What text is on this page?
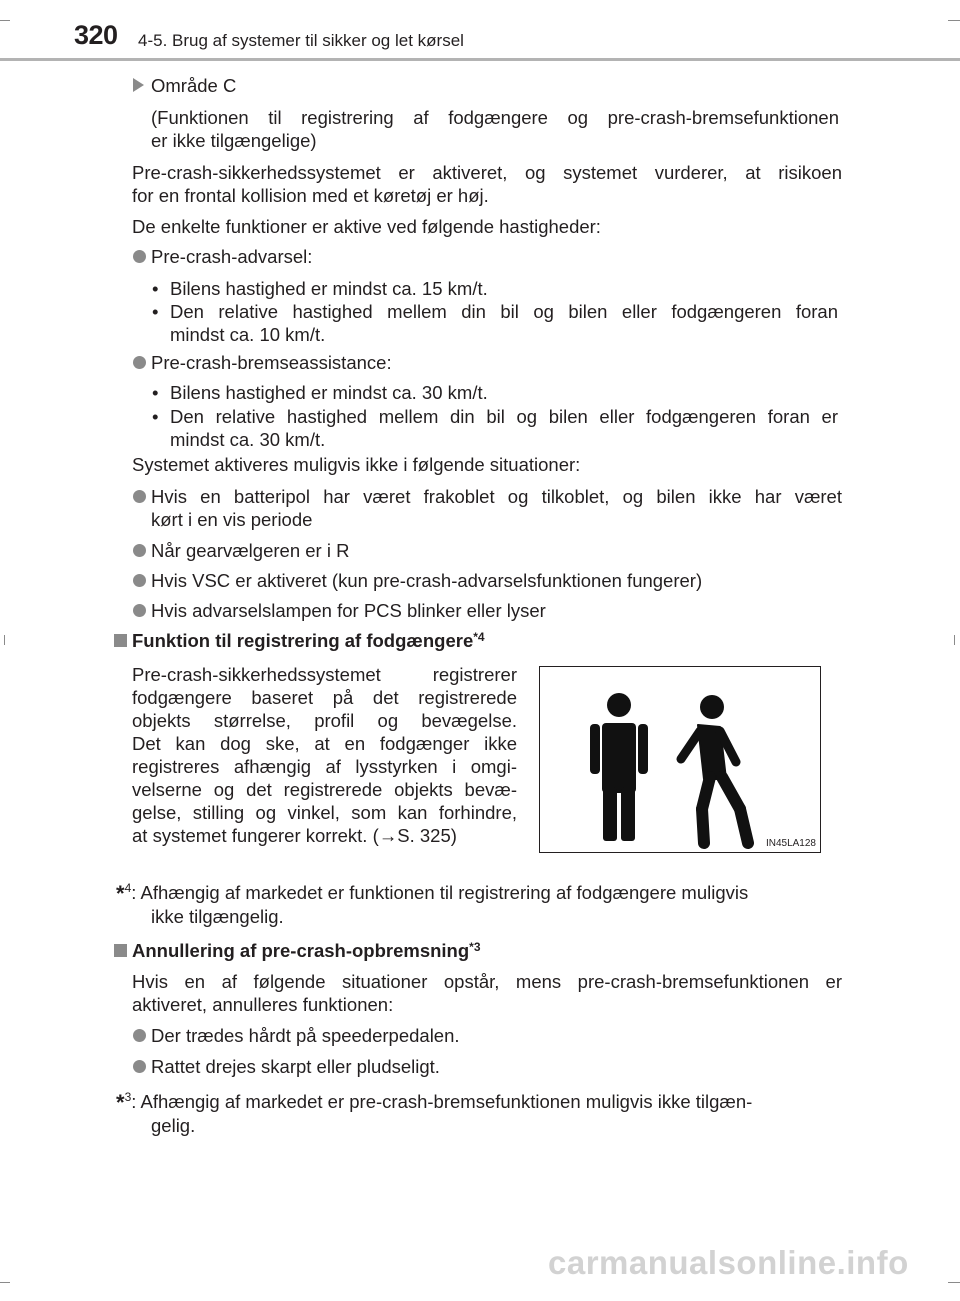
320 4-5. Brug af systemer til sikker og let kørsel
Område C
(Funktionen til registrering af fodgængere og pre-crash-bremsefunktionen
er ikke tilgængelige)
Pre-crash-sikkerhedssystemet er aktiveret, og systemet vurderer, at risikoen
for en frontal kollision med et køretøj er høj.
De enkelte funktioner er aktive ved følgende hastigheder:
Pre-crash-advarsel:
• Bilens hastighed er mindst ca. 15 km/t.
• Den relative hastighed mellem din bil og bilen eller fodgængeren foran
mindst ca. 10 km/t.
Pre-crash-bremseassistance:
• Bilens hastighed er mindst ca. 30 km/t.
• Den relative hastighed mellem din bil og bilen eller fodgængeren foran er
mindst ca. 30 km/t.
Systemet aktiveres muligvis ikke i følgende situationer:
Hvis en batteripol har været frakoblet og tilkoblet, og bilen ikke har været
kørt i en vis periode
Når gearvælgeren er i R
Hvis VSC er aktiveret (kun pre-crash-advarselsfunktionen fungerer)
Hvis advarselslampen for PCS blinker eller lyser
Funktion til registrering af fodgængere$^{*4}$
Pre-crash-sikkerhedssystemet registrerer
fodgængere baseret på det registrerede
objekts størrelse, profil og bevægelse.
Det kan dog ske, at en fodgænger ikke
registreres afhængig af lysstyrken i omgi-
velserne og det registrerede objekts bevæ-
gelse, stilling og vinkel, som kan forhindre,
at systemet fungerer korrekt. (→S. 325)	IN45LA128
*$^4$: Afhængig af markedet er funktionen til registrering af fodgængere muligvis
ikke tilgængelig.
Annullering af pre-crash-opbremsning$^{*3}$
Hvis en af følgende situationer opstår, mens pre-crash-bremsefunktionen er
aktiveret, annulleres funktionen:
Der trædes hårdt på speederpedalen.
Rattet drejes skarpt eller pludseligt.
*$^3$: Afhængig af markedet er pre-crash-bremsefunktionen muligvis ikke tilgæn-
gelig.
carmanualsonline.info
